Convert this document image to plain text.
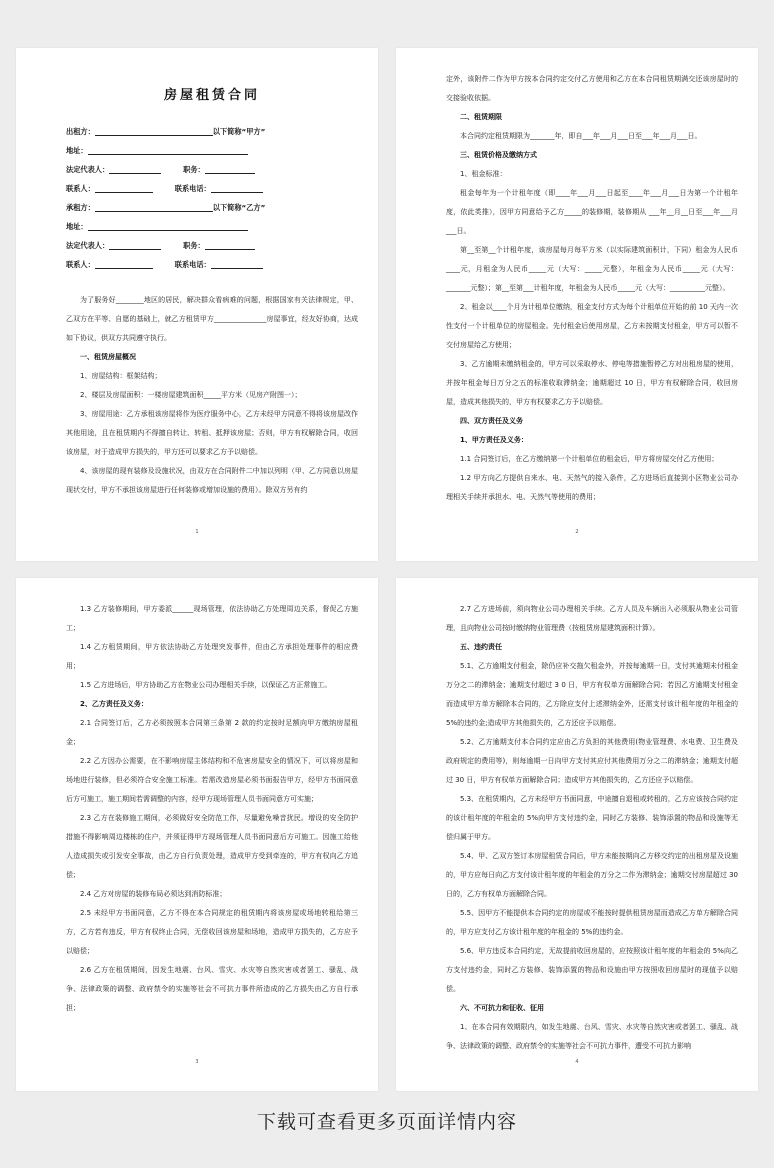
房屋租赁合同
出租方：	以下简称“甲方”
地址：
法定代表人：	职务：
联系人：	联系电话：
承租方：	以下简称“乙方”
地址：
法定代表人：	职务：
联系人：	联系电话：
为了服务好________地区的居民，解决群众看病难的问题，根据国家有关法律规定，甲、乙双方在平等、自愿的基础上，就乙方租赁甲方_______________房屋事宜，经友好协商，达成如下协议，供双方共同遵守执行。
一、租赁房屋概况
1、房屋结构：框架结构；
2、楼层及房屋面积：一楼房屋建筑面积_____平方米（见房产附图一）；
3、房屋用途：乙方承租该房屋将作为医疗服务中心，乙方未经甲方同意不得将该房屋改作其他用途，且在租赁期内不得擅自转让、转租、抵押该房屋；否则，甲方有权解除合同，收回该房屋，对于造成甲方损失的，甲方还可以要求乙方予以赔偿。
4、该房屋的现有装修及设施状况，由双方在合同附件二中加以列明（甲、乙方同意以房屋现状交付，甲方不承担该房屋进行任何装修或增加设施的费用）。除双方另有约
1
定外，该附件二作为甲方按本合同约定交付乙方使用和乙方在本合同租赁期满交还该房屋时的交接验收依据。
二、租赁期限
本合同约定租赁期限为_______年，即自___年___月___日至___年___月___日。
三、租赁价格及缴纳方式
1、租金标准：
租金每年为一个计租年度（即____年___月___日起至____年___月___日为第一个计租年度，依此类推），因甲方同意给予乙方_____的装修期，装修期从 ___年__月__日至___年___月___日。
第__至第__个计租年度，该房屋每月每平方米（以实际建筑面积计，下同）租金为人民币____元，月租金为人民币_____元（大写：_____元整），年租金为人民币_____元（大写：_______元整）；第__至第___计租年度，年租金为人民币_____元（大写：__________元整）。
2、租金以____个月为计租单位缴纳，租金支付方式为每个计租单位开始的前 10 天内一次性支付一个计租单位的房屋租金。先付租金后使用房屋，乙方未按期支付租金，甲方可以暂不交付房屋给乙方使用；
3、乙方逾期未缴纳租金的，甲方可以采取停水、停电等措施暂停乙方对出租房屋的使用，并按年租金每日万分之五的标准收取滞纳金；逾期超过 10 日，甲方有权解除合同，收回房屋，造成其他损失的，甲方有权要求乙方予以赔偿。
四、双方责任及义务
1、甲方责任及义务：
1.1 合同签订后，在乙方缴纳第一个计租单位的租金后，甲方将房屋交付乙方使用；
1.2 甲方向乙方提供自来水、电、天然气的接入条件，乙方进场后直接到小区物业公司办理相关手续并承担水、电、天然气等使用的费用；
2
1.3 乙方装修期间，甲方委派______现场管理，依法协助乙方处理周边关系，督促乙方施工；
1.4 乙方租赁期间，甲方依法协助乙方处理突发事件，但由乙方承担处理事件的相应费用；
1.5 乙方进场后，甲方协助乙方在物业公司办理相关手续，以保证乙方正常施工。
2、乙方责任及义务：
2.1 合同签订后，乙方必须按照本合同第三条第 2 款的约定按时足额向甲方缴纳房屋租金；
2.2 乙方因办公需要，在不影响房屋主体结构和不危害房屋安全的情况下，可以将房屋和场地进行装修，但必须符合安全施工标准。若需改造房屋必须书面报告甲方，经甲方书面同意后方可施工，施工期间若需调整的内容，经甲方现场管理人员书面同意方可实施；
2.3 乙方在装修施工期间，必须做好安全防范工作，尽量避免噪音扰民。增设的安全防护措施不得影响周边楼栋的住户，并须征得甲方现场管理人员书面同意后方可施工。因施工给他人造成损失或引发安全事故，由乙方自行负责处理，造成甲方受到牵连的，甲方有权向乙方追偿；
2.4 乙方对房屋的装修布局必须达到消防标准；
2.5 未经甲方书面同意，乙方不得在本合同规定的租赁期内将该房屋或场地转租给第三方，乙方若有违反，甲方有权终止合同，无偿收回该房屋和场地，造成甲方损失的，乙方应予以赔偿；
2.6 乙方在租赁期间，因发生地震、台风、雪灾、水灾等自然灾害或者罢工、骚乱、战争、法律政策的调整、政府禁令的实施等社会不可抗力事件所造成的乙方损失由乙方自行承担；
3
2.7 乙方进场前，须向物业公司办理相关手续。乙方人员及车辆出入必须服从物业公司管理，且向物业公司按时缴纳物业管理费（按租赁房屋建筑面积计算）。
五、违约责任
5.1、乙方逾期支付租金，除仍应补交拖欠租金外，并按每逾期一日，支付其逾期未付租金万分之二的滞纳金；逾期支付超过 3 0 日，甲方有权单方面解除合同；若因乙方逾期支付租金而造成甲方单方解除本合同的，乙方除应支付上述滞纳金外，还需支付该计租年度的年租金的 5%的违约金;造成甲方其他损失的，乙方还应予以赔偿。
5.2、乙方逾期支付本合同约定应由乙方负担的其他费用(物业管理费、水电费、卫生费及政府规定的费用等)，则每逾期一日向甲方支付其应付其他费用万分之二的滞纳金；逾期支付超过 30 日，甲方有权单方面解除合同；造成甲方其他损失的，乙方还应予以赔偿。
5.3、在租赁期内，乙方未经甲方书面同意，中途擅自退租或转租的，乙方应该按合同约定的该计租年度的年租金的 5%向甲方支付违约金，同时乙方装修、装饰添置的物品和设施等无偿归属于甲方。
5.4、甲、乙双方签订本房屋租赁合同后，甲方未能按期向乙方移交约定的出租房屋及设施的，甲方应每日向乙方支付该计租年度的年租金的万分之二作为滞纳金；逾期交付房屋超过 30 日的，乙方有权单方面解除合同。
5.5、因甲方不能提供本合同约定的房屋或不能按时提供租赁房屋而造成乙方单方解除合同的，甲方应支付乙方该计租年度的年租金的 5%的违约金。
5.6、甲方违反本合同约定，无故提前收回房屋的，应按照该计租年度的年租金的 5%向乙方支付违约金，同时乙方装修、装饰添置的物品和设施由甲方按照收回房屋时的现值予以赔偿。
六、不可抗力和征收、征用
1、在本合同有效期限内，如发生地震、台风、雪灾、水灾等自然灾害或者罢工、骚乱、战争、法律政策的调整、政府禁令的实施等社会不可抗力事件，遭受不可抗力影响
4
下载可查看更多页面详情内容
